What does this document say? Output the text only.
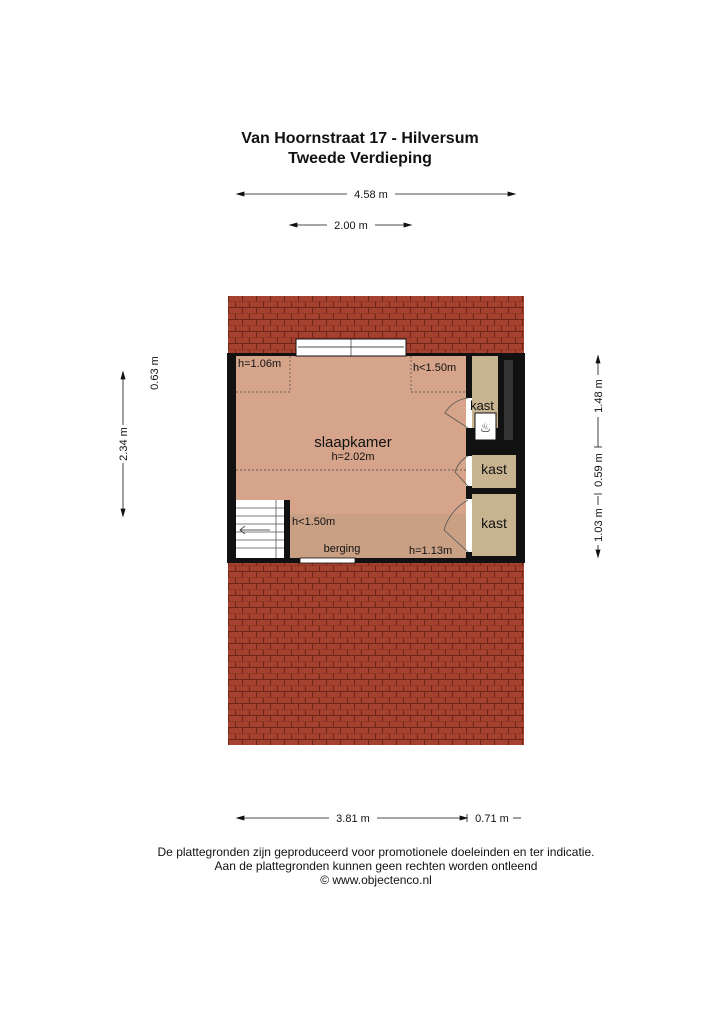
Van Hoornstraat 17 - Hilversum
Tweede Verdieping
♨
slaapkamer
h=2.02m
h=1.06m	h<1.50m
h<1.50m
h=1.13m
berging
kast
kast
kast
4.58 m
2.00 m
2.34 m
0.63 m
1.48 m
0.59 m
1.03 m
3.81 m	0.71 m
De plattegronden zijn geproduceerd voor promotionele doeleinden en ter indicatie.
Aan de plattegronden kunnen geen rechten worden ontleend
© www.objectenco.nl
